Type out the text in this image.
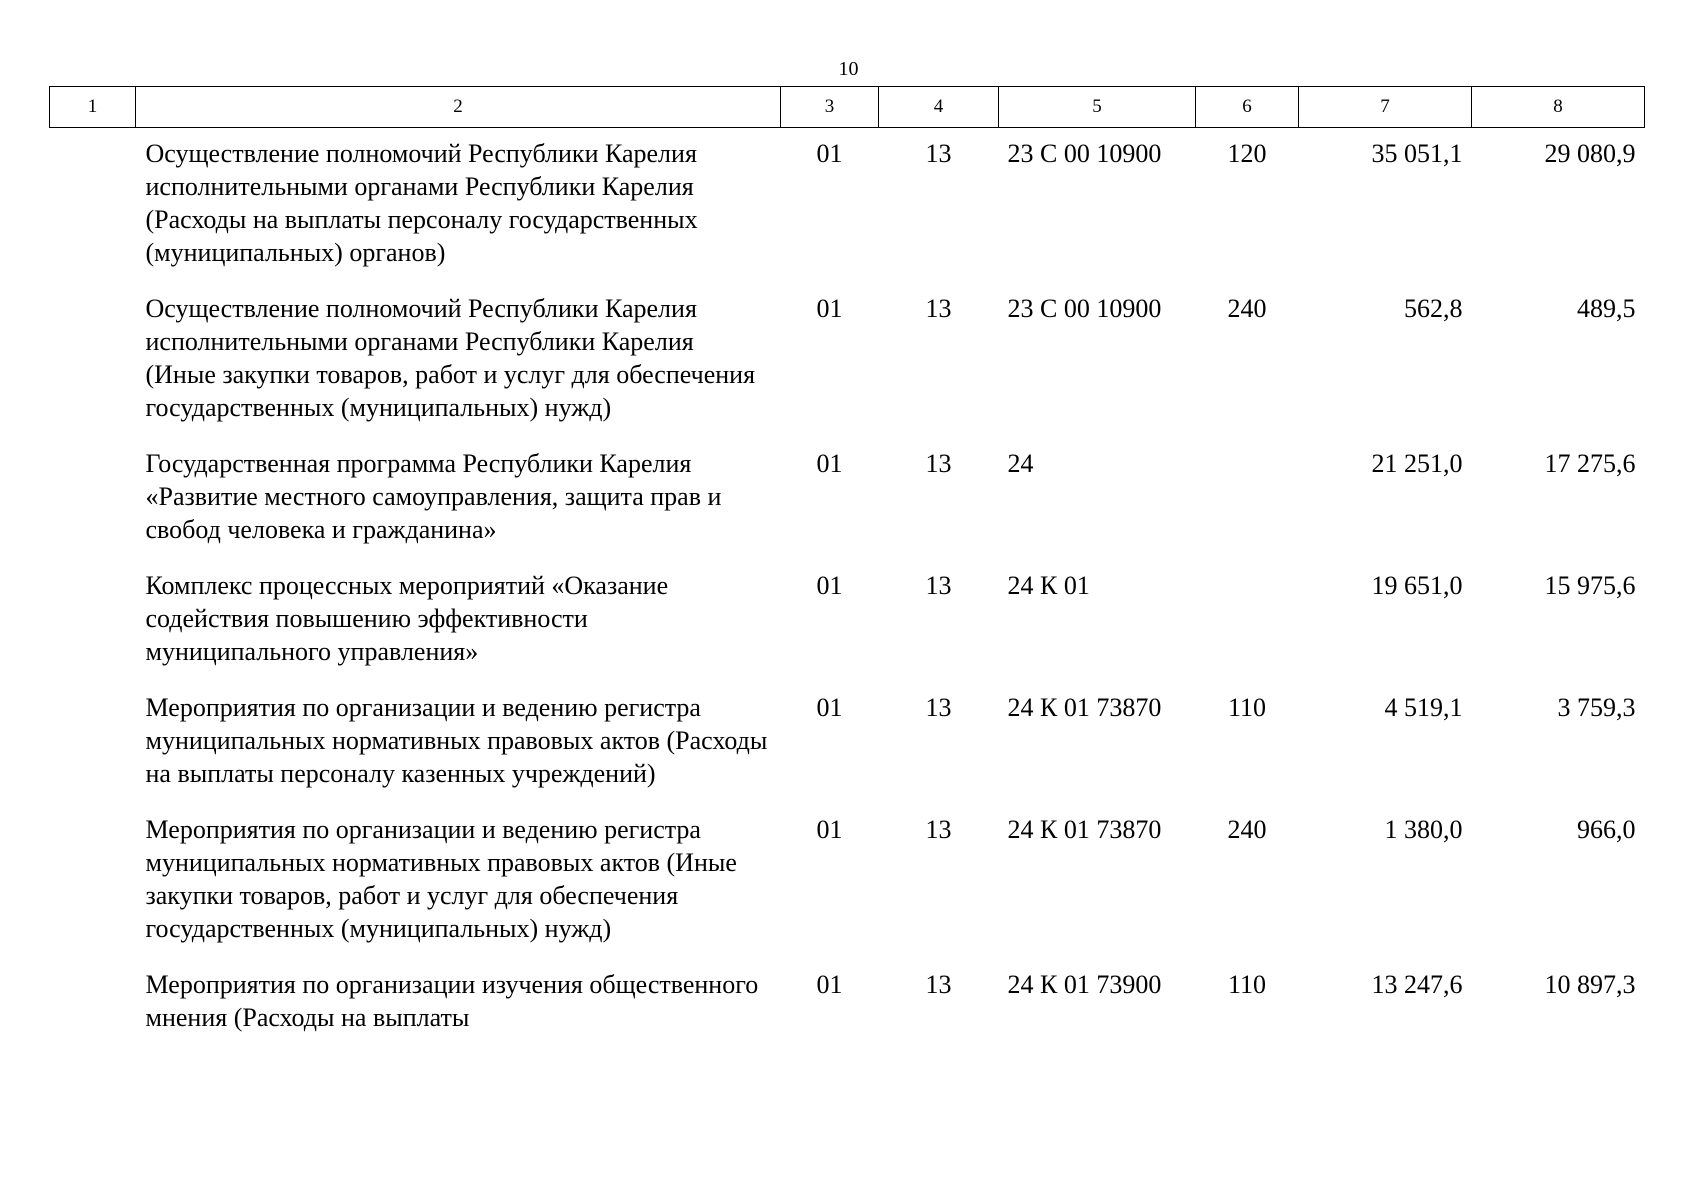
10
1	2	3	4	5	6	7	8
	Осуществление полномочий Республики Карелия исполнительными органами Республики Карелия (Расходы на выплаты персоналу государственных (муниципальных) органов)	01	13	23 С 00 10900	120	35 051,1	29 080,9
	Осуществление полномочий Республики Карелия исполнительными органами Республики Карелия (Иные закупки товаров, работ и услуг для обеспечения государственных (муниципальных) нужд)	01	13	23 С 00 10900	240	562,8	489,5
	Государственная программа Республики Карелия «Развитие местного самоуправления, защита прав и свобод человека и гражданина»	01	13	24		21 251,0	17 275,6
	Комплекс процессных мероприятий «Оказание содействия повышению эффективности муниципального управления»	01	13	24 К 01		19 651,0	15 975,6
	Мероприятия по организации и ведению регистра муниципальных нормативных правовых актов (Расходы на выплаты персоналу казенных учреждений)	01	13	24 К 01 73870	110	4 519,1	3 759,3
	Мероприятия по организации и ведению регистра муниципальных нормативных правовых актов (Иные закупки товаров, работ и услуг для обеспечения государственных (муниципальных) нужд)	01	13	24 К 01 73870	240	1 380,0	966,0
	Мероприятия по организации изучения общественного мнения (Расходы на выплаты	01	13	24 К 01 73900	110	13 247,6	10 897,3
